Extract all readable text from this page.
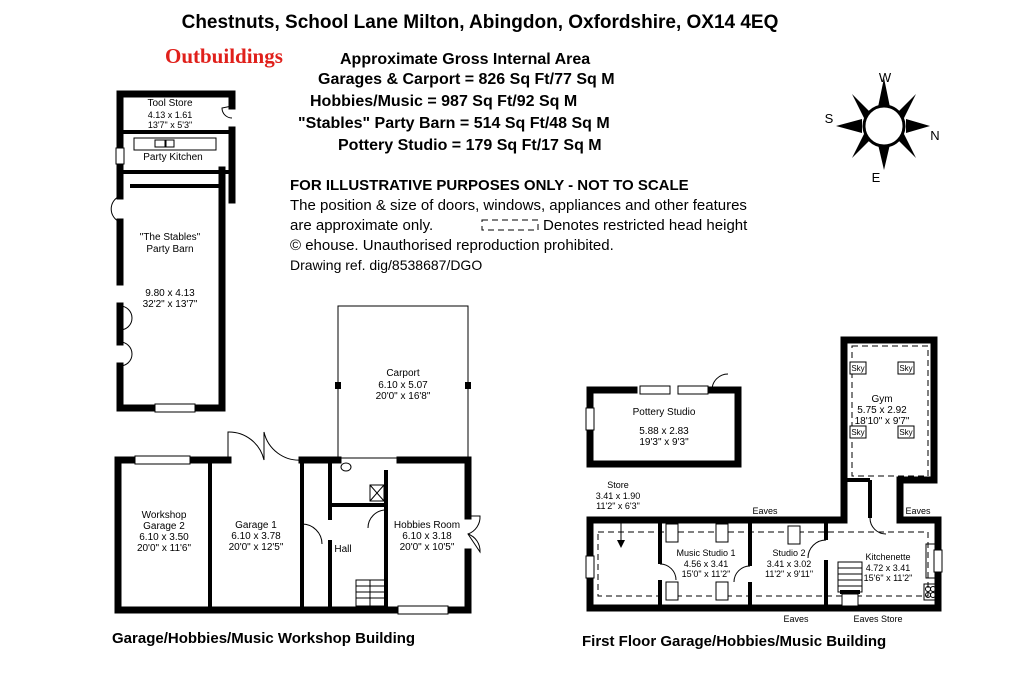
Chestnuts, School Lane Milton, Abingdon, Oxfordshire, OX14 4EQ
Outbuildings	Approximate Gross Internal Area
Garages & Carport = 826 Sq Ft/77 Sq M
Hobbies/Music = 987 Sq Ft/92 Sq M
"Stables" Party Barn = 514 Sq Ft/48 Sq M
Pottery Studio = 179 Sq Ft/17 Sq M
FOR ILLUSTRATIVE PURPOSES ONLY - NOT TO SCALE
The position & size of doors, windows, appliances and other features
are approximate only.	Denotes restricted head height
© ehouse. Unauthorised reproduction prohibited.
Drawing ref. dig/8538687/DGO
W
E
S
N
Tool Store
4.13 x 1.61
13'7" x 5'3"
Party Kitchen
"The Stables"
Party Barn
9.80 x 4.13
32'2" x 13'7"
Carport
6.10 x 5.07
20'0" x 16'8"
Workshop
Garage 2
6.10 x 3.50
20'0" x 11'6"
Garage 1
6.10 x 3.78
20'0" x 12'5"	Hall
Hobbies Room
6.10 x 3.18
20'0" x 10'5"
Pottery Studio
5.88 x 2.83
19'3" x 9'3"
Sky	Sky
Sky	Sky
Gym
5.75 x 2.92
18'10" x 9'7"
Store
3.41 x 1.90
11'2" x 6'3"	Eaves	Eaves
Music Studio 1
4.56 x 3.41
15'0" x 11'2"
Studio 2
3.41 x 3.02
11'2" x 9'11"
Kitchenette
4.72 x 3.41
15'6" x 11'2"
Eaves	Eaves Store
Garage/Hobbies/Music Workshop Building	First Floor Garage/Hobbies/Music Building
